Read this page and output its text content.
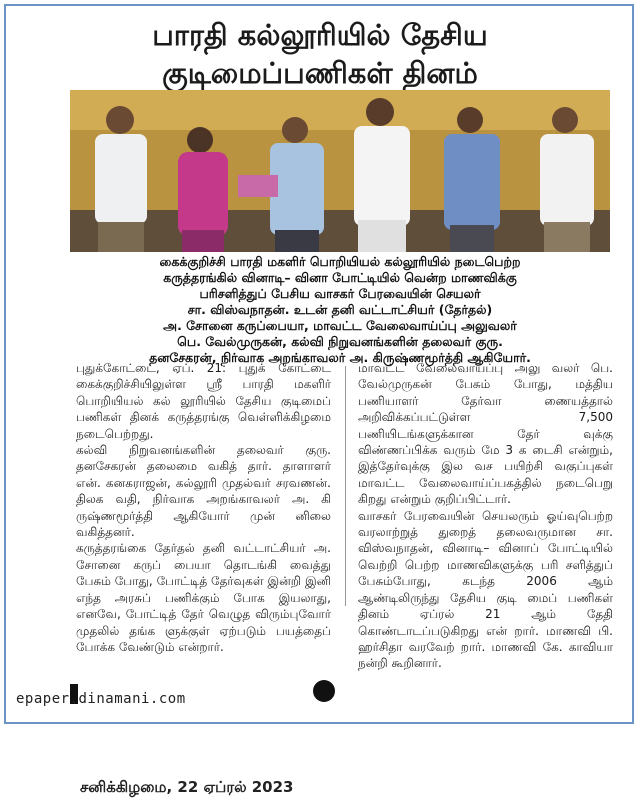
பாரதி கல்லூரியில் தேசிய
குடிமைப்பணிகள் தினம்
கைக்குறிச்சி பாரதி மகளிர் பொறியியல் கல்லூரியில் நடைபெற்ற
கருத்தரங்கில் வினாடி– வினா போட்டியில் வென்ற மாணவிக்கு
பரிசளித்துப் பேசிய வாசகர் பேரவையின் செயலர்
சா. விஸ்வநாதன். உடன் தனி வட்டாட்சியர் (தேர்தல்)
அ. சோனை கருப்பையா, மாவட்ட வேலைவாய்ப்பு அலுவலர்
பெ. வேல்முருகன், கல்வி நிறுவனங்களின் தலைவர் குரு.
தனசேகரன், நிர்வாக அறங்காவலர் அ. கிருஷ்ணமூர்த்தி ஆகியோர்.

புதுக்கோட்டை, ஏப். 21: புதுக் கோட்டை கைக்குறிச்சியிலுள்ள ஸ்ரீ பாரதி மகளிர் பொறியியல் கல் லூரியில் தேசிய குடிமைப் பணிகள் தினக் கருத்தரங்கு வெள்ளிக்கிழமை நடைபெற்றது.

கல்வி நிறுவனங்களின் தலைவர் குரு. தனசேகரன் தலைமை வகித் தார். தாளாளர் என். கனகராஜன், கல்லூரி முதல்வர் சரவணன். திலக வதி, நிர்வாக அறங்காவலர் அ. கி ருஷ்ணமூர்த்தி ஆகியோர் முன் னிலை வகித்தனர்.

கருத்தரங்கை தேர்தல் தனி வட்டாட்சியர் அ. சோனை கருப் பையா தொடங்கி வைத்து பேசும் போது, போட்டித் தேர்வுகள் இன்றி இனி எந்த அரசுப் பணிக்கும் போக இயலாது, எனவே, போட்டித் தேர் வெழுத விரும்புவோர் முதலில் தங்க ளுக்குள் ஏற்படும் பயத்தைப் போக்க வேண்டும் என்றார்.

மாவட்ட வேலைவாய்ப்பு அலு வலர் பெ. வேல்முருகன் பேசும் போது, மத்திய பணியாளர் தேர்வா ணையத்தால் அறிவிக்கப்பட்டுள்ள 7,500 பணியிடங்களுக்கான தேர் வுக்கு விண்ணப்பிக்க வரும் மே 3 க டைசி என்றும், இத்தேர்வுக்கு இல வச பயிற்சி வகுப்புகள் மாவட்ட வேலைவாய்ப்பகத்தில் நடைபெறு கிறது என்றும் குறிப்பிட்டார்.

வாசகர் பேரவையின் செயலரும் ஓய்வுபெற்ற வரலாற்றுத் துறைத் தலைவருமான சா. விஸ்வநாதன், வினாடி– வினாப் போட்டியில் வெற்றி பெற்ற மாணவிகளுக்கு பரி சளித்துப் பேசும்போது, கடந்த 2006 ஆம் ஆண்டிலிருந்து தேசிய குடி மைப் பணிகள் தினம் ஏப்ரல் 21 ஆம் தேதி கொண்டாடப்படுகிறது என் றார். மாணவி பி. ஹர்சிதா வரவேற் றார். மாணவி கே. காவியா நன்றி கூறினார்.

epaper.dinamani.com
சனிக்கிழமை, 22 ஏப்ரல் 2023
